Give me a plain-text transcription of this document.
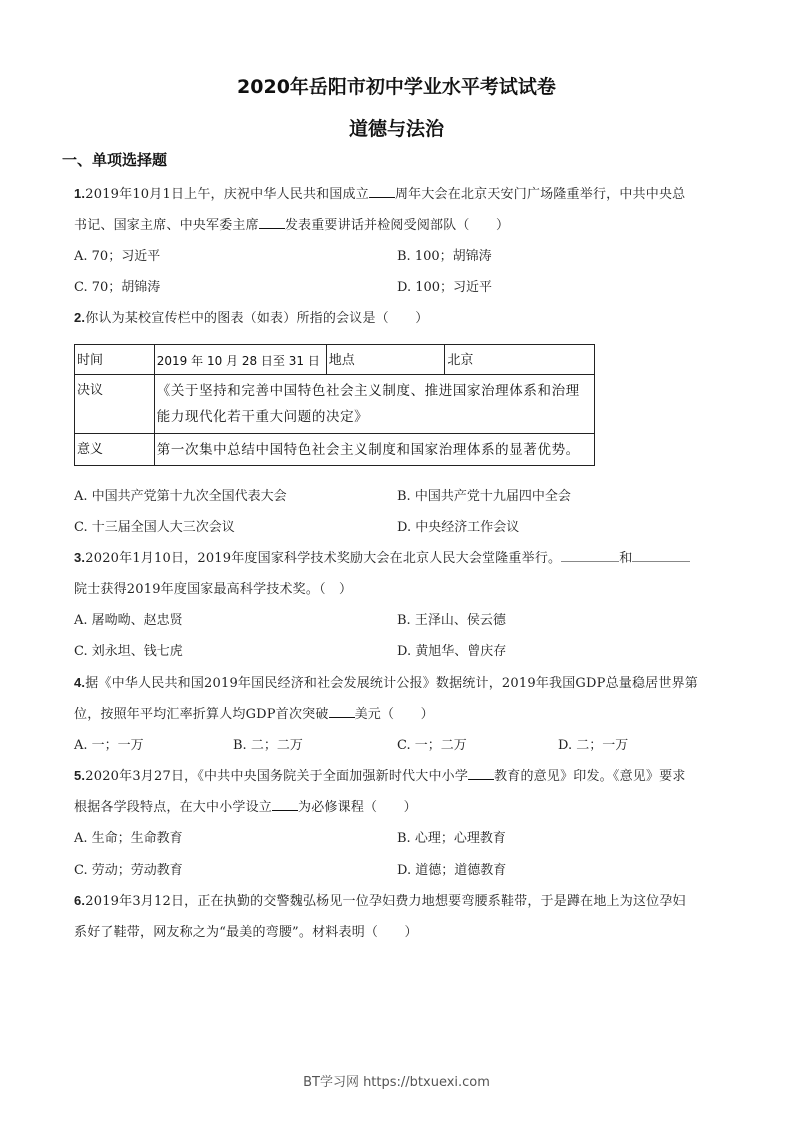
2020年岳阳市初中学业水平考试试卷
道德与法治
一、单项选择题
1.2019年10月1日上午，庆祝中华人民共和国成立 周年大会在北京天安门广场隆重举行，中共中央总
书记、国家主席、中央军委主席 发表重要讲话并检阅受阅部队（　　）
A. 70；习近平	B. 100；胡锦涛
C. 70；胡锦涛	D. 100；习近平
2.你认为某校宣传栏中的图表（如表）所指的会议是（　　）
时间	2019 年 10 月 28 日至 31 日	地点	北京
决议	《关于坚持和完善中国特色社会主义制度、推进国家治理体系和治理能力现代化若干重大问题的决定》		
意义	第一次集中总结中国特色社会主义制度和国家治理体系的显著优势。		
A. 中国共产党第十九次全国代表大会	B. 中国共产党十九届四中全会
C. 十三届全国人大三次会议	D. 中央经济工作会议
3.2020年1月10日，2019年度国家科学技术奖励大会在北京人民大会堂隆重举行。	和
院士获得2019年度国家最高科学技术奖。（　）
A. 屠呦呦、赵忠贤	B. 王泽山、侯云德
C. 刘永坦、钱七虎	D. 黄旭华、曾庆存
4.据《中华人民共和国2019年国民经济和社会发展统计公报》数据统计，2019年我国GDP总量稳居世界第
位，按照年平均汇率折算人均GDP首次突破 美元（　　）
A. 一；一万	B. 二；二万	C. 一；二万	D. 二；一万
5.2020年3月27日，《中共中央国务院关于全面加强新时代大中小学 教育的意见》印发。《意见》要求
根据各学段特点，在大中小学设立 为必修课程（　　）
A. 生命；生命教育	B. 心理；心理教育
C. 劳动；劳动教育	D. 道德；道德教育
6.2019年3月12日，正在执勤的交警魏弘杨见一位孕妇费力地想要弯腰系鞋带，于是蹲在地上为这位孕妇
系好了鞋带，网友称之为“最美的弯腰”。材料表明（　　）
BT学习网 https://btxuexi.com
